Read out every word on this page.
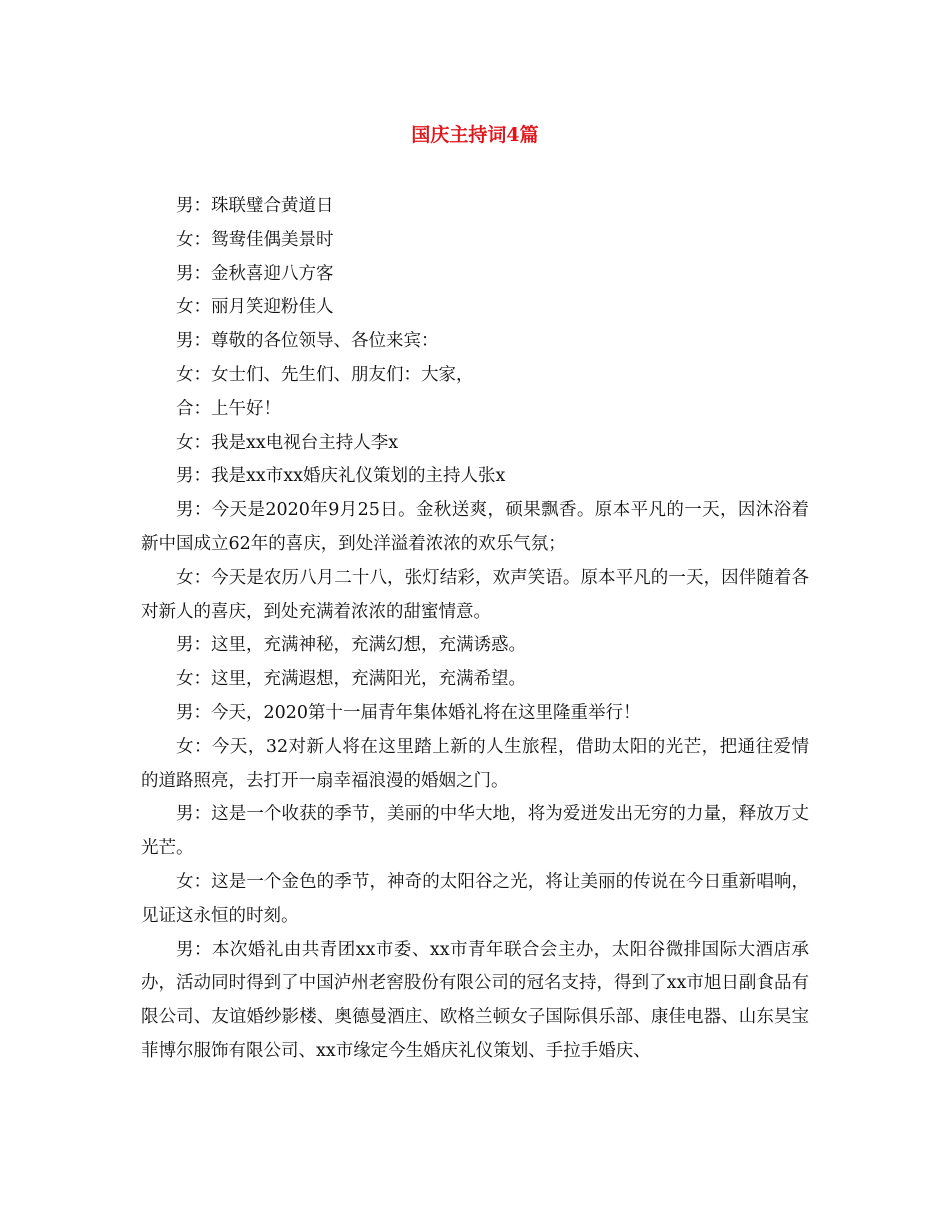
国庆主持词4篇

男：珠联璧合黄道日

女：鸳鸯佳偶美景时

男：金秋喜迎八方客

女：丽月笑迎粉佳人

男：尊敬的各位领导、各位来宾：

女：女士们、先生们、朋友们：大家，

合：上午好！

女：我是xx电视台主持人李x

男：我是xx市xx婚庆礼仪策划的主持人张x

男：今天是2020年9月25日。金秋送爽，硕果飘香。原本平凡的一天，因沐浴着新中国成立62年的喜庆，到处洋溢着浓浓的欢乐气氛；

女：今天是农历八月二十八，张灯结彩，欢声笑语。原本平凡的一天，因伴随着各对新人的喜庆，到处充满着浓浓的甜蜜情意。

男：这里，充满神秘，充满幻想，充满诱惑。

女：这里，充满遐想，充满阳光，充满希望。

男：今天，2020第十一届青年集体婚礼将在这里隆重举行！

女：今天，32对新人将在这里踏上新的人生旅程，借助太阳的光芒，把通往爱情的道路照亮，去打开一扇幸福浪漫的婚姻之门。

男：这是一个收获的季节，美丽的中华大地，将为爱迸发出无穷的力量，释放万丈光芒。

女：这是一个金色的季节，神奇的太阳谷之光，将让美丽的传说在今日重新唱响，见证这永恒的时刻。

男：本次婚礼由共青团xx市委、xx市青年联合会主办，太阳谷微排国际大酒店承办，活动同时得到了中国泸州老窖股份有限公司的冠名支持，得到了xx市旭日副食品有限公司、友谊婚纱影楼、奥德曼酒庄、欧格兰顿女子国际俱乐部、康佳电器、山东昊宝菲博尔服饰有限公司、xx市缘定今生婚庆礼仪策划、手拉手婚庆、
